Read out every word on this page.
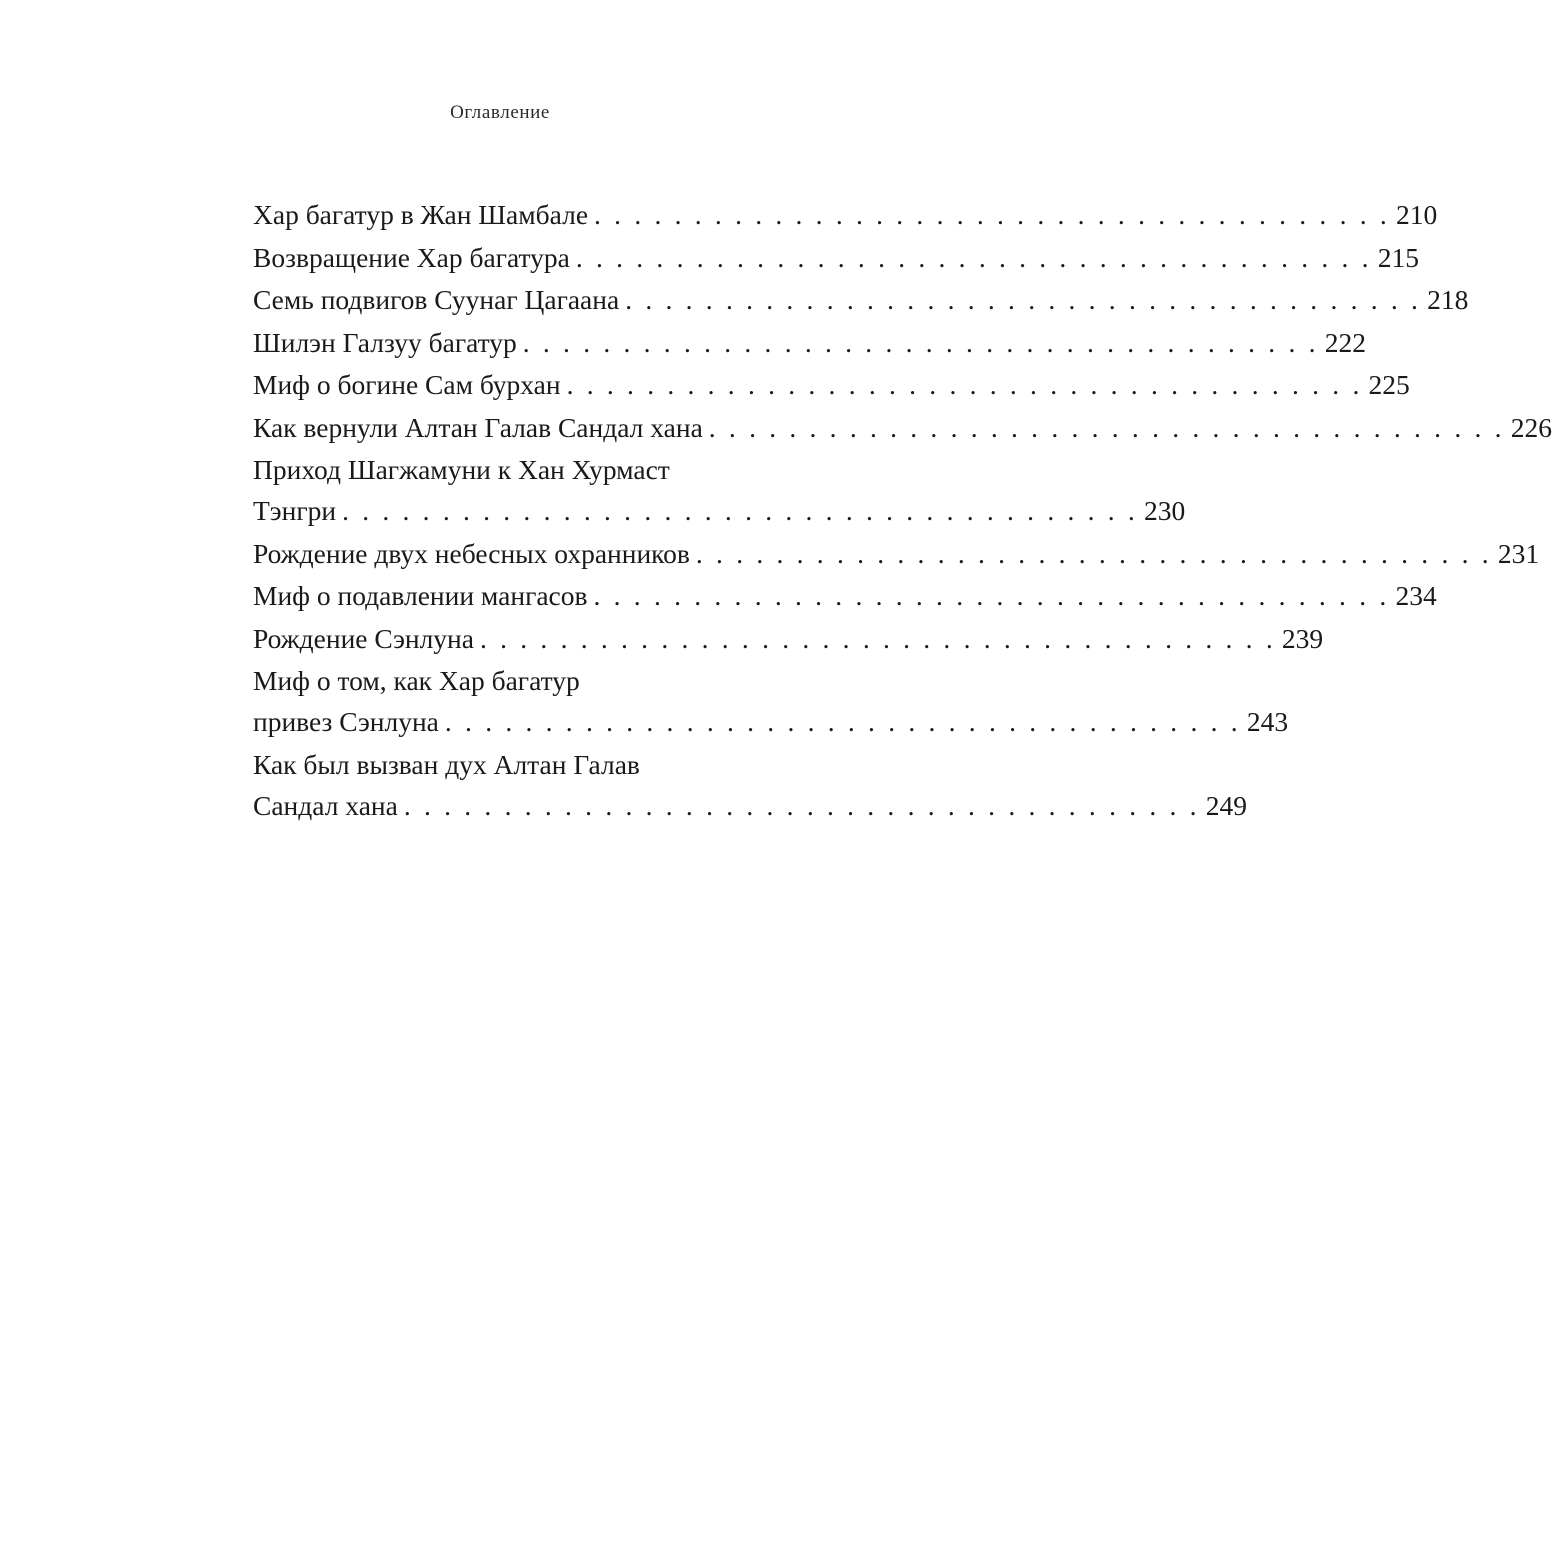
Оглавление
Хар багатур в Жан Шамбале . . . . . . . . . . . . . . . . . . . . . . . . . . . . . . . . . . . . . . . . 210
Возвращение Хар багатура . . . . . . . . . . . . . . . . . . . . . . . . . . . . . . . . . . . . . . . . 215
Семь подвигов Суунаг Цагаана . . . . . . . . . . . . . . . . . . . . . . . . . . . . . . . . . . . . . . . . 218
Шилэн Галзуу багатур . . . . . . . . . . . . . . . . . . . . . . . . . . . . . . . . . . . . . . . . 222
Миф о богине Сам бурхан . . . . . . . . . . . . . . . . . . . . . . . . . . . . . . . . . . . . . . . . 225
Как вернули Алтан Галав Сандал хана . . . . . . . . . . . . . . . . . . . . . . . . . . . . . . . . . . . . . . . . 226
Приход Шагжамуни к Хан Хурмаст
Тэнгри . . . . . . . . . . . . . . . . . . . . . . . . . . . . . . . . . . . . . . . . 230
Рождение двух небесных охранников . . . . . . . . . . . . . . . . . . . . . . . . . . . . . . . . . . . . . . . . 231
Миф о подавлении мангасов . . . . . . . . . . . . . . . . . . . . . . . . . . . . . . . . . . . . . . . . 234
Рождение Сэнлуна . . . . . . . . . . . . . . . . . . . . . . . . . . . . . . . . . . . . . . . . 239
Миф о том, как Хар багатур
привез Сэнлуна . . . . . . . . . . . . . . . . . . . . . . . . . . . . . . . . . . . . . . . . 243
Как был вызван дух Алтан Галав
Сандал хана . . . . . . . . . . . . . . . . . . . . . . . . . . . . . . . . . . . . . . . . 249
